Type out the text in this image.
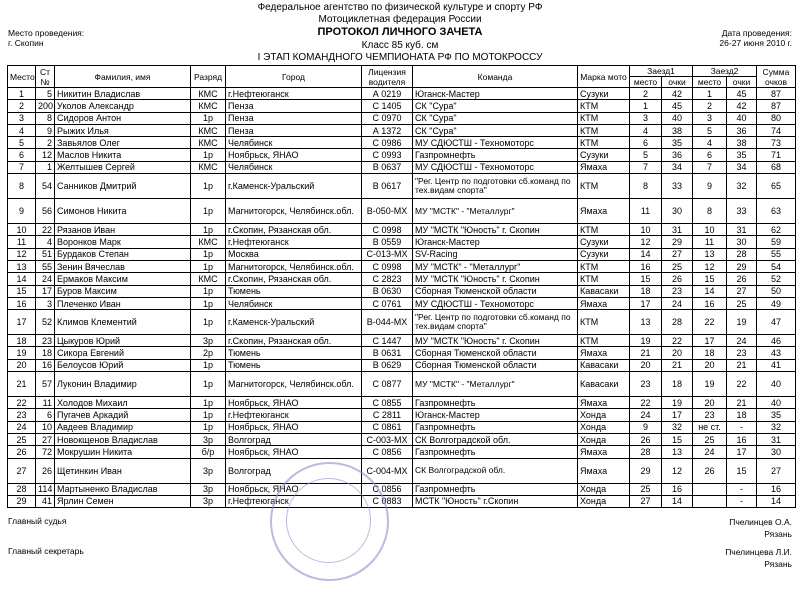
Федеральное агентство по физической культуре и спорту РФ
Мотоциклетная федерация России
ПРОТОКОЛ ЛИЧНОГО ЗАЧЕТА
Класс 85 куб. см
I ЭТАП КОМАНДНОГО ЧЕМПИОНАТА РФ ПО МОТОКРОССУ
Место проведения:
г. Скопин
Дата проведения:
26-27 июня 2010 г.
Место	Ст №	Фамилия, имя	Разряд	Город	Лицензия водителя	Команда	Марка мото	Заезд1		Заезд2		Сумма очков
								место	очки	место	очки	
1	5	Никитин Владислав	КМС	г.Нефтеюганск	А 0219	Юганск-Мастер	Сузуки	2	42	1	45	87
2	200	Уколов Александр	КМС	Пенза	С 1405	СК "Сура"	КТМ	1	45	2	42	87
3	8	Сидоров Антон	1р	Пенза	С 0970	СК "Сура"	КТМ	3	40	3	40	80
4	9	Рыжих Илья	КМС	Пенза	А 1372	СК "Сура"	КТМ	4	38	5	36	74
5	2	Завьялов Олег	КМС	Челябинск	С 0986	МУ СДЮСТШ - Техномоторс	КТМ	6	35	4	38	73
6	12	Маслов Никита	1р	Ноябрьск, ЯНАО	С 0993	Газпромнефть	Сузуки	5	36	6	35	71
7	1	Желтышев Сергей	КМС	Челябинск	В 0637	МУ СДЮСТШ - Техномоторс	Ямаха	7	34	7	34	68
8	54	Санников Дмитрий	1р	г.Каменск-Уральский	В 0617	"Рег. Центр по подготовки сб.команд по тех.видам спорта"	КТМ	8	33	9	32	65
9	56	Симонов Никита	1р	Магнитогорск, Челябинск.обл.	В-050-МХ	МУ "МСТК" - "Металлург"	Ямаха	11	30	8	33	63
10	22	Рязанов Иван	1р	г.Скопин, Рязанская обл.	С 0998	МУ "МСТК "Юность" г. Скопин	КТМ	10	31	10	31	62
11	4	Воронков Марк	КМС	г.Нефтеюганск	В 0559	Юганск-Мастер	Сузуки	12	29	11	30	59
12	51	Бурдаков Степан	1р	Москва	С-013-МХ	SV-Racing	Сузуки	14	27	13	28	55
13	55	Зенин Вячеслав	1р	Магнитогорск, Челябинск.обл.	С 0998	МУ "МСТК" - "Металлург"	КТМ	16	25	12	29	54
14	24	Ермаков Максим	КМС	г.Скопин, Рязанская обл.	С 2823	МУ "МСТК "Юность" г. Скопин	КТМ	15	26	15	26	52
15	17	Буров Максим	1р	Тюмень	В 0630	Сборная Тюменской области	Кавасаки	18	23	14	27	50
16	3	Плеченко Иван	1р	Челябинск	С 0761	МУ СДЮСТШ - Техномоторс	Ямаха	17	24	16	25	49
17	52	Климов Клементий	1р	г.Каменск-Уральский	В-044-МХ	"Рег. Центр по подготовки сб.команд по тех.видам спорта"	КТМ	13	28	22	19	47
18	23	Цыкуров Юрий	3р	г.Скопин, Рязанская обл.	С 1447	МУ "МСТК "Юность" г. Скопин	КТМ	19	22	17	24	46
19	18	Сикора Евгений	2р	Тюмень	В 0631	Сборная Тюменской области	Ямаха	21	20	18	23	43
20	16	Белоусов Юрий	1р	Тюмень	В 0629	Сборная Тюменской области	Кавасаки	20	21	20	21	41
21	57	Луконин Владимир	1р	Магнитогорск, Челябинск.обл.	С 0877	МУ "МСТК" - "Металлург"	Кавасаки	23	18	19	22	40
22	11	Холодов Михаил	1р	Ноябрьск, ЯНАО	С 0855	Газпромнефть	Ямаха	22	19	20	21	40
23	6	Пугачев Аркадий	1р	г.Нефтеюганск	С 2811	Юганск-Мастер	Хонда	24	17	23	18	35
24	10	Авдеев Владимир	1р	Ноябрьск, ЯНАО	С 0861	Газпромнефть	Хонда	9	32	не ст.	-	32
25	27	Новокщенов Владислав	3р	Волгоград	С-003-МХ	СК Волгоградской обл.	Хонда	26	15	25	16	31
26	72	Мокрушин Никита	б/р	Ноябрьск, ЯНАО	С 0856	Газпромнефть	Ямаха	28	13	24	17	30
27	26	Щетинкин Иван	3р	Волгоград	С-004-МХ	СК Волгоградской обл.	Ямаха	29	12	26	15	27
28	114	Мартыненко Владислав	3р	Ноябрьск, ЯНАО	С 0856	Газпромнефть	Хонда	25	16		-	16
29	41	Ярлин Семен	3р	г.Нефтеюганск	С 0883	МСТК "Юность" г.Скопин	Хонда	27	14		-	14
Главный судья
Главный секретарь
Пчелинцев О.А.
Рязань
Пчелинцева Л.И.
Рязань
